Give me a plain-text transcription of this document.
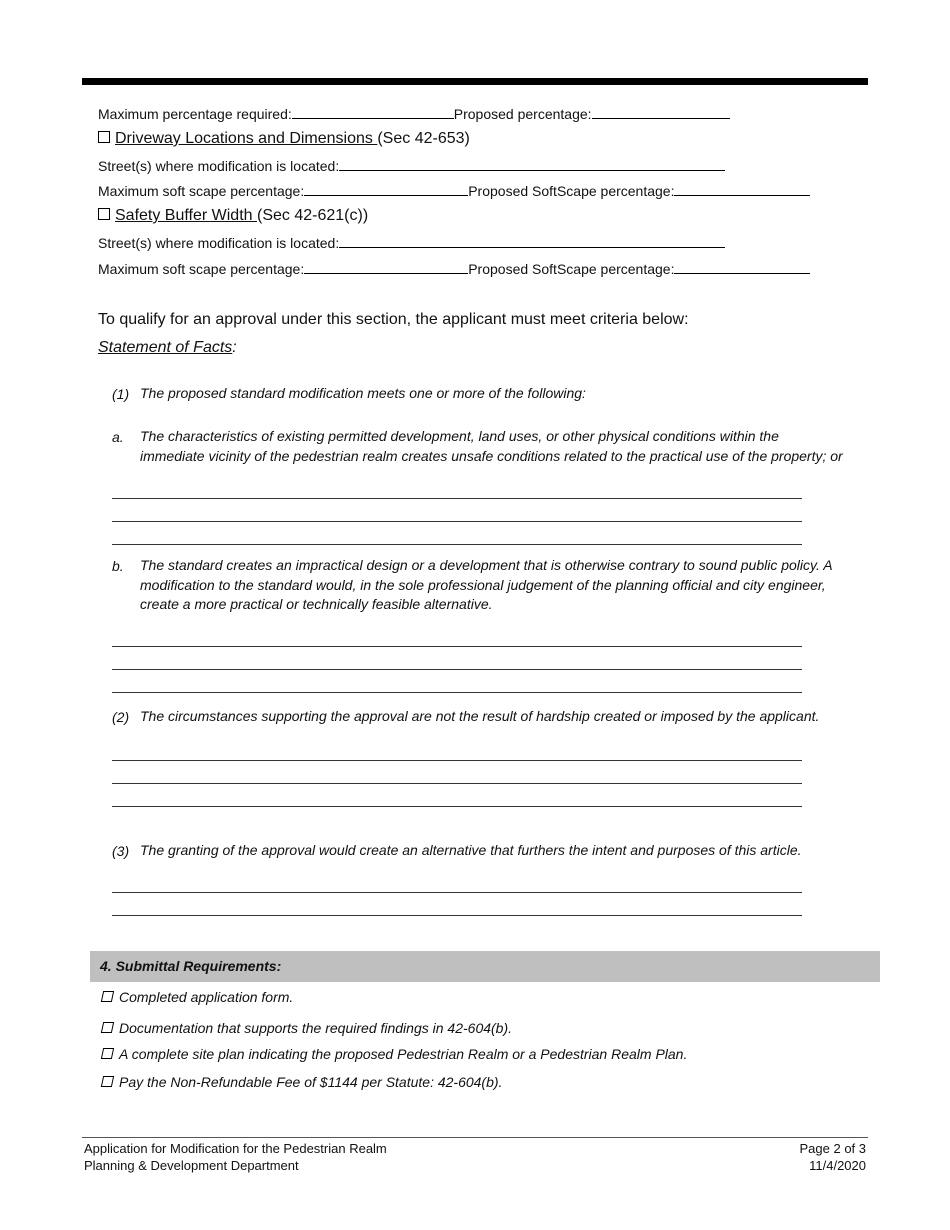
Maximum percentage required:	Proposed percentage:
Driveway Locations and Dimensions (Sec 42-653)
Street(s) where modification is located:
Maximum soft scape percentage:	Proposed SoftScape percentage:
Safety Buffer Width (Sec 42-621(c))
Street(s) where modification is located:
Maximum soft scape percentage:	Proposed SoftScape percentage:
To qualify for an approval under this section, the applicant must meet criteria below:
Statement of Facts:
(1) The proposed standard modification meets one or more of the following:
a. The characteristics of existing permitted development, land uses, or other physical conditions within the
immediate vicinity of the pedestrian realm creates unsafe conditions related to the practical use of the property; or
b. The standard creates an impractical design or a development that is otherwise contrary to sound public policy. A
modification to the standard would, in the sole professional judgement of the planning official and city engineer,
create a more practical or technically feasible alternative.
(2) The circumstances supporting the approval are not the result of hardship created or imposed by the applicant.
(3) The granting of the approval would create an alternative that furthers the intent and purposes of this article.
4. Submittal Requirements:
Completed application form.
Documentation that supports the required findings in 42-604(b).
A complete site plan indicating the proposed Pedestrian Realm or a Pedestrian Realm Plan.
Pay the Non-Refundable Fee of $1144 per Statute: 42-604(b).
Application for Modification for the Pedestrian Realm
Planning & Development Department
Page 2 of 3
11/4/2020
